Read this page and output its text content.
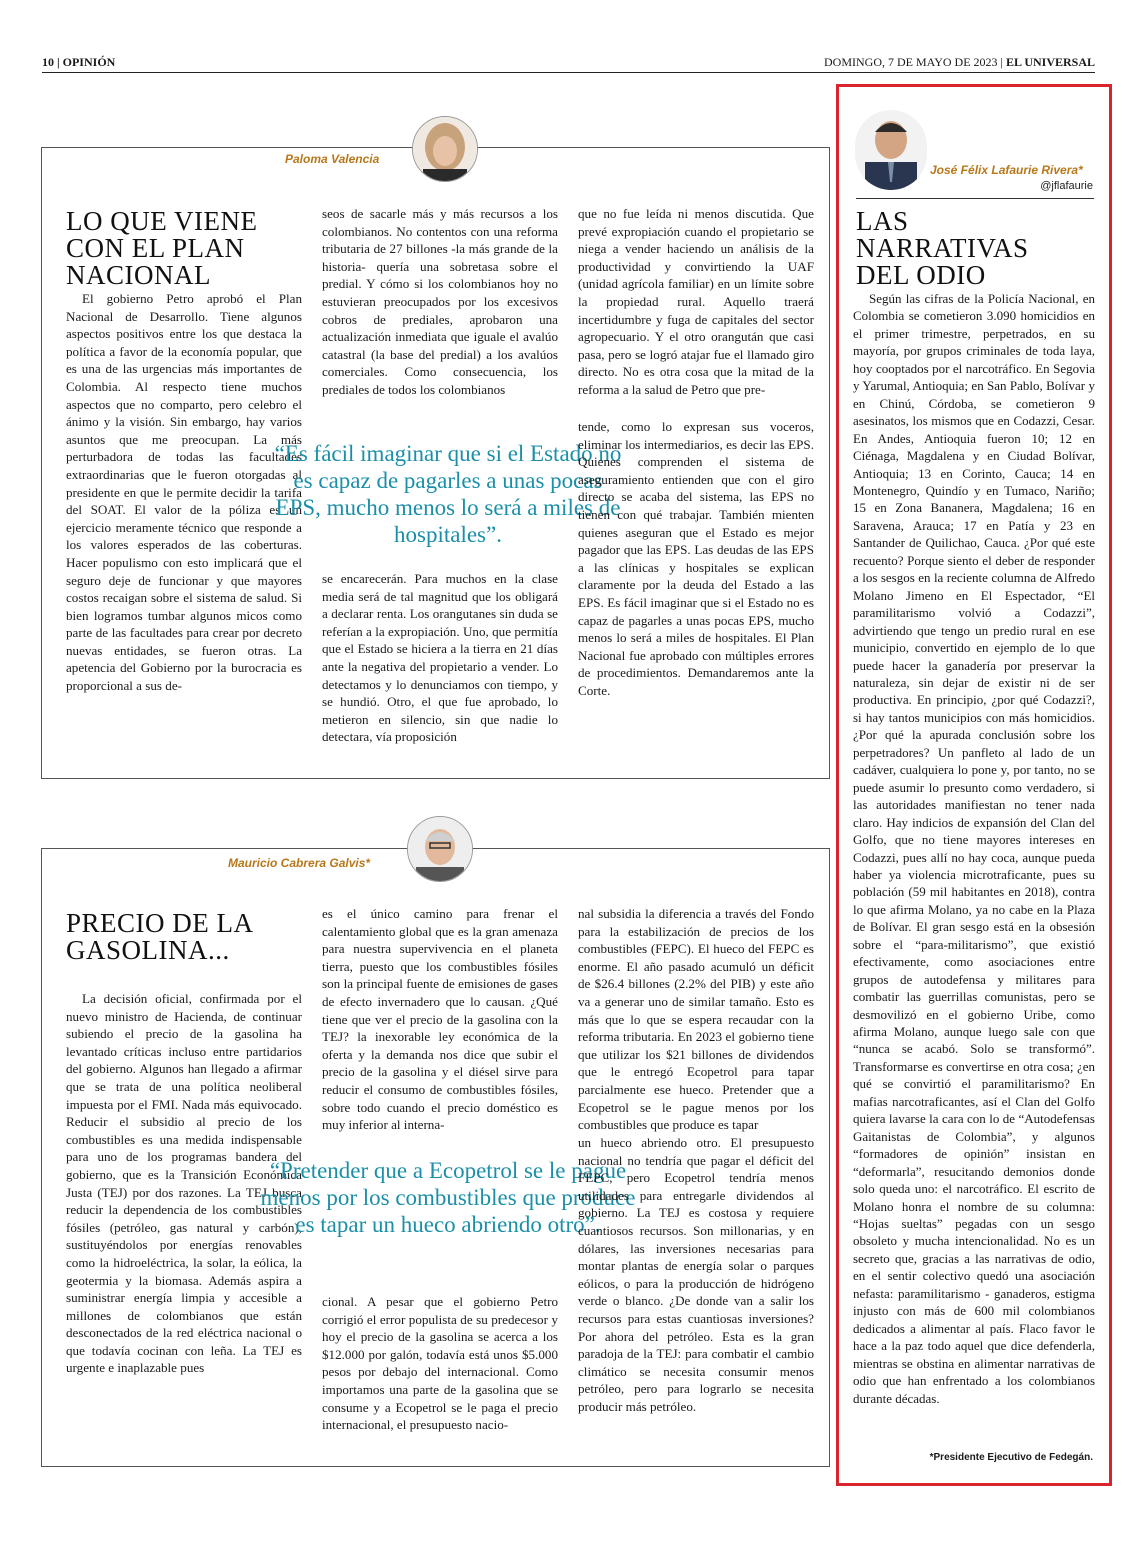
10 | OPINIÓN	DOMINGO, 7 DE MAYO DE 2023 | EL UNIVERSAL
Paloma Valencia
LO QUE VIENE CON EL PLAN NACIONAL

El gobierno Petro aprobó el Plan Nacional de Desarrollo. Tiene algunos aspectos positivos entre los que destaca la política a favor de la economía popular, que es una de las urgencias más importantes de Colombia. Al respecto tiene muchos aspectos que no comparto, pero celebro el ánimo y la visión. Sin embargo, hay varios asuntos que me preocupan. La más perturbadora de todas las facultades extraordinarias que le fueron otorgadas al presidente en que le permite decidir la tarifa del SOAT. El valor de la póliza es un ejercicio meramente técnico que responde a los valores esperados de las coberturas. Hacer populismo con esto implicará que el seguro deje de funcionar y que mayores costos recaigan sobre el sistema de salud. Si bien logramos tumbar algunos micos como parte de las facultades para crear por decreto nuevas entidades, se fueron otras. La apetencia del Gobierno por la burocracia es proporcional a sus de-

seos de sacarle más y más recursos a los colombianos. No contentos con una reforma tributaria de 27 billones -la más grande de la historia- quería una sobretasa sobre el predial. Y cómo si los colombianos hoy no estuvieran preocupados por los excesivos cobros de prediales, aprobaron una actualización inmediata que iguale el avalúo catastral (la base del predial) a los avalúos comerciales. Como consecuencia, los prediales de todos los colombianos

que no fue leída ni menos discutida. Que prevé expropiación cuando el propietario se niega a vender haciendo un análisis de la productividad y convirtiendo la UAF (unidad agrícola familiar) en un límite sobre la propiedad rural. Aquello traerá incertidumbre y fuga de capitales del sector agropecuario. Y el otro orangután que casi pasa, pero se logró atajar fue el llamado giro directo. No es otra cosa que la mitad de la reforma a la salud de Petro que pre-

“Es fácil imaginar que si el Estado no es capaz de pagarles a unas pocas EPS, mucho menos lo será a miles de hospitales”.

se encarecerán. Para muchos en la clase media será de tal magnitud que los obligará a declarar renta. Los orangutanes sin duda se referían a la expropiación. Uno, que permitía que el Estado se hiciera a la tierra en 21 días ante la negativa del propietario a vender. Lo detectamos y lo denunciamos con tiempo, y se hundió. Otro, el que fue aprobado, lo metieron en silencio, sin que nadie lo detectara, vía proposición

tende, como lo expresan sus voceros, eliminar los intermediarios, es decir las EPS. Quienes comprenden el sistema de aseguramiento entienden que con el giro directo se acaba del sistema, las EPS no tienen con qué trabajar. También mienten quienes aseguran que el Estado es mejor pagador que las EPS. Las deudas de las EPS a las clínicas y hospitales se explican claramente por la deuda del Estado a las EPS. Es fácil imaginar que si el Estado no es capaz de pagarles a unas pocas EPS, mucho menos lo será a miles de hospitales. El Plan Nacional fue aprobado con múltiples errores de procedimientos. Demandaremos ante la Corte.

Mauricio Cabrera Galvis*
PRECIO DE LA GASOLINA...

La decisión oficial, confirmada por el nuevo ministro de Hacienda, de continuar subiendo el precio de la gasolina ha levantado críticas incluso entre partidarios del gobierno. Algunos han llegado a afirmar que se trata de una política neoliberal impuesta por el FMI. Nada más equivocado. Reducir el subsidio al precio de los combustibles es una medida indispensable para uno de los programas bandera del gobierno, que es la Transición Económica Justa (TEJ) por dos razones. La TEJ busca reducir la dependencia de los combustibles fósiles (petróleo, gas natural y carbón), sustituyéndolos por energías renovables como la hidroeléctrica, la solar, la eólica, la geotermia y la biomasa. Además aspira a suministrar energía limpia y accesible a millones de colombianos que están desconectados de la red eléctrica nacional o que todavía cocinan con leña. La TEJ es urgente e inaplazable pues

es el único camino para frenar el calentamiento global que es la gran amenaza para nuestra supervivencia en el planeta tierra, puesto que los combustibles fósiles son la principal fuente de emisiones de gases de efecto invernadero que lo causan. ¿Qué tiene que ver el precio de la gasolina con la TEJ? la inexorable ley económica de la oferta y la demanda nos dice que subir el precio de la gasolina y el diésel sirve para reducir el consumo de combustibles fósiles, sobre todo cuando el precio doméstico es muy inferior al interna-

nal subsidia la diferencia a través del Fondo para la estabilización de precios de los combustibles (FEPC). El hueco del FEPC es enorme. El año pasado acumuló un déficit de $26.4 billones (2.2% del PIB) y este año va a generar uno de similar tamaño. Esto es más que lo que se espera recaudar con la reforma tributaria. En 2023 el gobierno tiene que utilizar los $21 billones de dividendos que le entregó Ecopetrol para tapar parcialmente ese hueco. Pretender que a Ecopetrol se le pague menos por los combustibles que produce es tapar

“Pretender que a Ecopetrol se le pague menos por los combustibles que produce es tapar un hueco abriendo otro”.

cional. A pesar que el gobierno Petro corrigió el error populista de su predecesor y hoy el precio de la gasolina se acerca a los $12.000 por galón, todavía está unos $5.000 pesos por debajo del internacional. Como importamos una parte de la gasolina que se consume y a Ecopetrol se le paga el precio internacional, el presupuesto nacio-

un hueco abriendo otro. El presupuesto nacional no tendría que pagar el déficit del FEPC, pero Ecopetrol tendría menos utilidades para entregarle dividendos al gobierno. La TEJ es costosa y requiere cuantiosos recursos. Son millonarias, y en dólares, las inversiones necesarias para montar plantas de energía solar o parques eólicos, o para la producción de hidrógeno verde o blanco. ¿De donde van a salir los recursos para estas cuantiosas inversiones? Por ahora del petróleo. Esta es la gran paradoja de la TEJ: para combatir el cambio climático se necesita consumir menos petróleo, pero para lograrlo se necesita producir más petróleo.

José Félix Lafaurie Rivera*
@jflafaurie
LAS NARRATIVAS DEL ODIO

Según las cifras de la Policía Nacional, en Colombia se cometieron 3.090 homicidios en el primer trimestre, perpetrados, en su mayoría, por grupos criminales de toda laya, hoy cooptados por el narcotráfico. En Segovia y Yarumal, Antioquia; en San Pablo, Bolívar y en Chinú, Córdoba, se cometieron 9 asesinatos, los mismos que en Codazzi, Cesar. En Andes, Antioquia fueron 10; 12 en Ciénaga, Magdalena y en Ciudad Bolívar, Antioquia; 13 en Corinto, Cauca; 14 en Montenegro, Quindío y en Tumaco, Nariño; 15 en Zona Bananera, Magdalena; 16 en Saravena, Arauca; 17 en Patía y 23 en Santander de Quilichao, Cauca. ¿Por qué este recuento? Porque siento el deber de responder a los sesgos en la reciente columna de Alfredo Molano Jimeno en El Espectador, “El paramilitarismo volvió a Codazzi”, advirtiendo que tengo un predio rural en ese municipio, convertido en ejemplo de lo que puede hacer la ganadería por preservar la naturaleza, sin dejar de existir ni de ser productiva. En principio, ¿por qué Codazzi?, si hay tantos municipios con más homicidios. ¿Por qué la apurada conclusión sobre los perpetradores? Un panfleto al lado de un cadáver, cualquiera lo pone y, por tanto, no se puede asumir lo presunto como verdadero, si las autoridades manifiestan no tener nada claro. Hay indicios de expansión del Clan del Golfo, que no tiene mayores intereses en Codazzi, pues allí no hay coca, aunque pueda haber ya violencia microtraficante, pues su población (59 mil habitantes en 2018), contra lo que afirma Molano, ya no cabe en la Plaza de Bolívar. El gran sesgo está en la obsesión sobre el “para-militarismo”, que existió efectivamente, como asociaciones entre grupos de autodefensa y militares para combatir las guerrillas comunistas, pero se desmovilizó en el gobierno Uribe, como afirma Molano, aunque luego sale con que “nunca se acabó. Solo se transformó”. Transformarse es convertirse en otra cosa; ¿en qué se convirtió el paramilitarismo? En mafias narcotraficantes, así el Clan del Golfo quiera lavarse la cara con lo de “Autodefensas Gaitanistas de Colombia”, y algunos “formadores de opinión” insistan en “deformarla”, resucitando demonios donde solo queda uno: el narcotráfico. El escrito de Molano honra el nombre de su columna: “Hojas sueltas” pegadas con un sesgo obsoleto y mucha intencionalidad. No es un secreto que, gracias a las narrativas de odio, en el sentir colectivo quedó una asociación nefasta: paramilitarismo - ganaderos, estigma injusto con más de 600 mil colombianos dedicados a alimentar al país. Flaco favor le hace a la paz todo aquel que dice defenderla, mientras se obstina en alimentar narrativas de odio que han enfrentado a los colombianos durante décadas.

*Presidente Ejecutivo de Fedegán.
